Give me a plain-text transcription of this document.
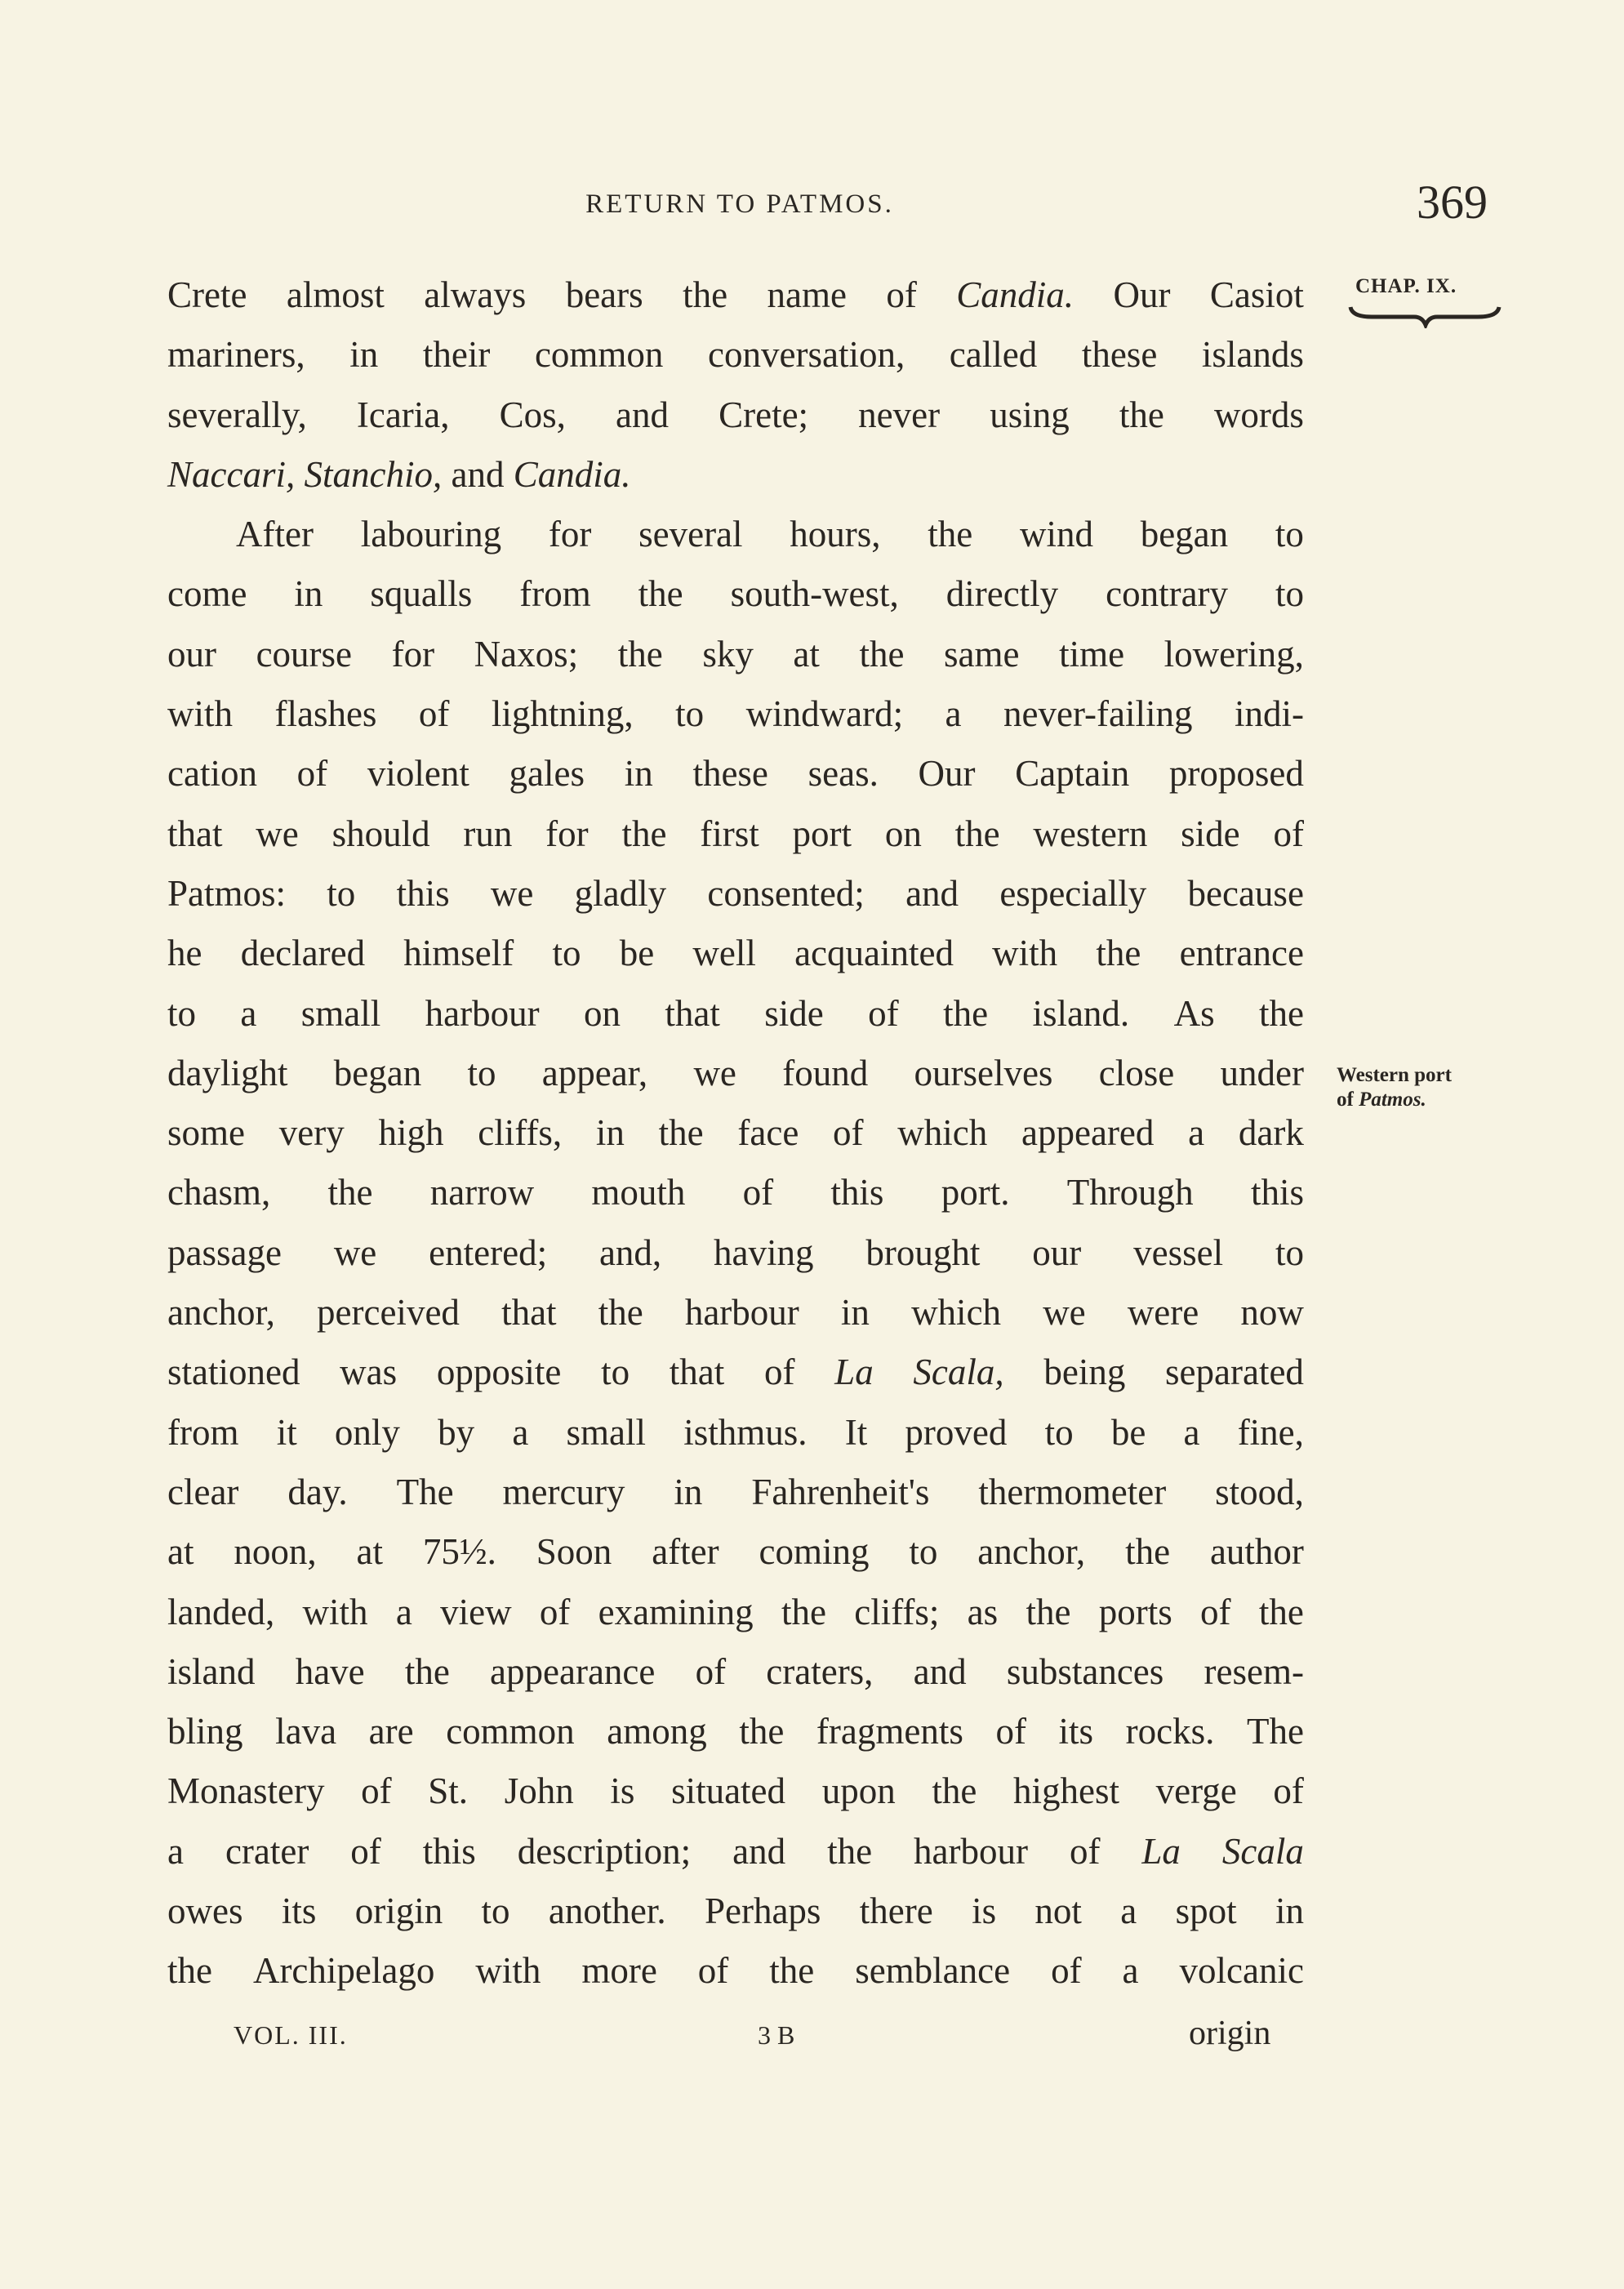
RETURN TO PATMOS.	369
CHAP. IX.
Western port
of Patmos.
Crete almost always bears the name of Candia. Our Casiot
mariners, in their common conversation, called these islands
severally, Icaria, Cos, and Crete; never using the words
Naccari, Stanchio, and Candia.
After labouring for several hours, the wind began to
come in squalls from the south-west, directly contrary to
our course for Naxos; the sky at the same time lowering,
with flashes of lightning, to windward; a never-failing indi-
cation of violent gales in these seas. Our Captain proposed
that we should run for the first port on the western side of
Patmos: to this we gladly consented; and especially because
he declared himself to be well acquainted with the entrance
to a small harbour on that side of the island. As the
daylight began to appear, we found ourselves close under
some very high cliffs, in the face of which appeared a dark
chasm, the narrow mouth of this port. Through this
passage we entered; and, having brought our vessel to
anchor, perceived that the harbour in which we were now
stationed was opposite to that of La Scala, being separated
from it only by a small isthmus. It proved to be a fine,
clear day. The mercury in Fahrenheit's thermometer stood,
at noon, at 75½. Soon after coming to anchor, the author
landed, with a view of examining the cliffs; as the ports of the
island have the appearance of craters, and substances resem-
bling lava are common among the fragments of its rocks. The
Monastery of St. John is situated upon the highest verge of
a crater of this description; and the harbour of La Scala
owes its origin to another. Perhaps there is not a spot in
the Archipelago with more of the semblance of a volcanic
VOL. III.	3 B	origin
